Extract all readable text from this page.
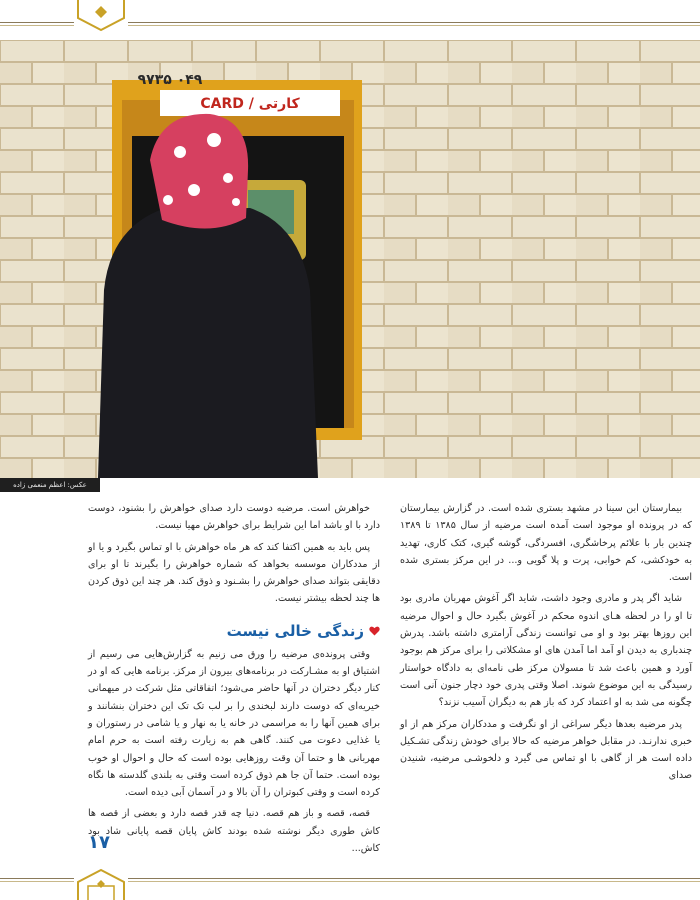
CARD / کارتی
۹۷۳۵ ۰۴۹
عکس: اعظم منعمی زاده

بیمارستان ابن سینا در مشهد بستری شده است. در گزارش بیمارستان که در پرونده او موجود است آمده است مرضیه از سال ۱۳۸۵ تا ۱۳۸۹ چندین بار با علائم پرخاشگری، افسردگی، گوشه گیری، کتک کاری، تهدید به خودکشی، کم خوابی، پرت و پلا گویی و... در این مرکز بستری شده است.

شاید اگر پدر و مادری وجود داشت، شاید اگر آغوش مهربان مادری بود تا او را در لحظه هـای اندوه محکم در آغوش بگیرد حال و احوال مرضیه این روزها بهتر بود و او می توانست زندگی آرامتری داشته باشد. پدرش چندباری به دیدن او آمد اما آمدن های او مشکلاتی را برای مرکز هم بوجود آورد و همین باعث شد تا مسولان مرکز طی نامه‌ای به دادگاه خواستار رسیدگی به این موضوع شوند. اصلا وقتی پدری خود دچار جنون آنی است چگونه می شد به او اعتماد کرد که باز هم به دیگران آسیب نزند؟

پدر مرضیه بعدها دیگر سراغی از او نگرفت و مددکاران مرکز هم از او خبری ندارنـد. در مقابل خواهر مرضیه که حالا برای خودش زندگی تشـکیل داده است هر از گاهی با او تماس می گیرد و دلخوشـی مرضیه، شنیدن صدای

خواهرش است. مرضیه دوست دارد صدای خواهرش را بشنود، دوست دارد با او باشد اما این شرایط برای خواهرش مهیا نیست.

پس باید به همین اکتفا کند که هر ماه خواهرش با او تماس بگیرد و یا او از مددکاران موسسه بخواهد که شماره خواهرش را بگیرند تا او برای دقایقی بتواند صدای خواهرش را بشـنود و ذوق کند. هر چند این ذوق کردن ها چند لحظه بیشتر نیست.

زندگی خالی نیست

وقتی پرونده‌ی مرضیه را ورق می زنیم به گزارش‌هایی می رسیم از اشتیاق او به مشـارکت در برنامه‌های بیرون از مرکز. برنامه هایی که او در کنار دیگر دختران در آنها حاضر می‌شود؛ اتفاقاتی مثل شرکت در میهمانی خیریه‌ای که دوست دارند لبخندی را بر لب تک تک این دختران بنشانند و برای همین آنها را به مراسمی در خانه یا به نهار و یا شامی در رستوران و یا غذایی دعوت می کنند. گاهی هم به زیارت رفته است به حرم امام مهربانی ها و حتما آن وقت روزهایی بوده است که حال و احوال او خوب بوده است. حتما آن جا هم ذوق کرده است وقتی به بلندی گلدسته ها نگاه کرده است و وقتی کبوتران را آن بالا و در آسمان آبی دیده است.

قصه، قصه و باز هم قصه. دنیا چه قدر قصه دارد و بعضی از قصه ها کاش طوری دیگر نوشته شده بودند کاش پایان قصه پایانی شاد بود کاش...

۱۷
